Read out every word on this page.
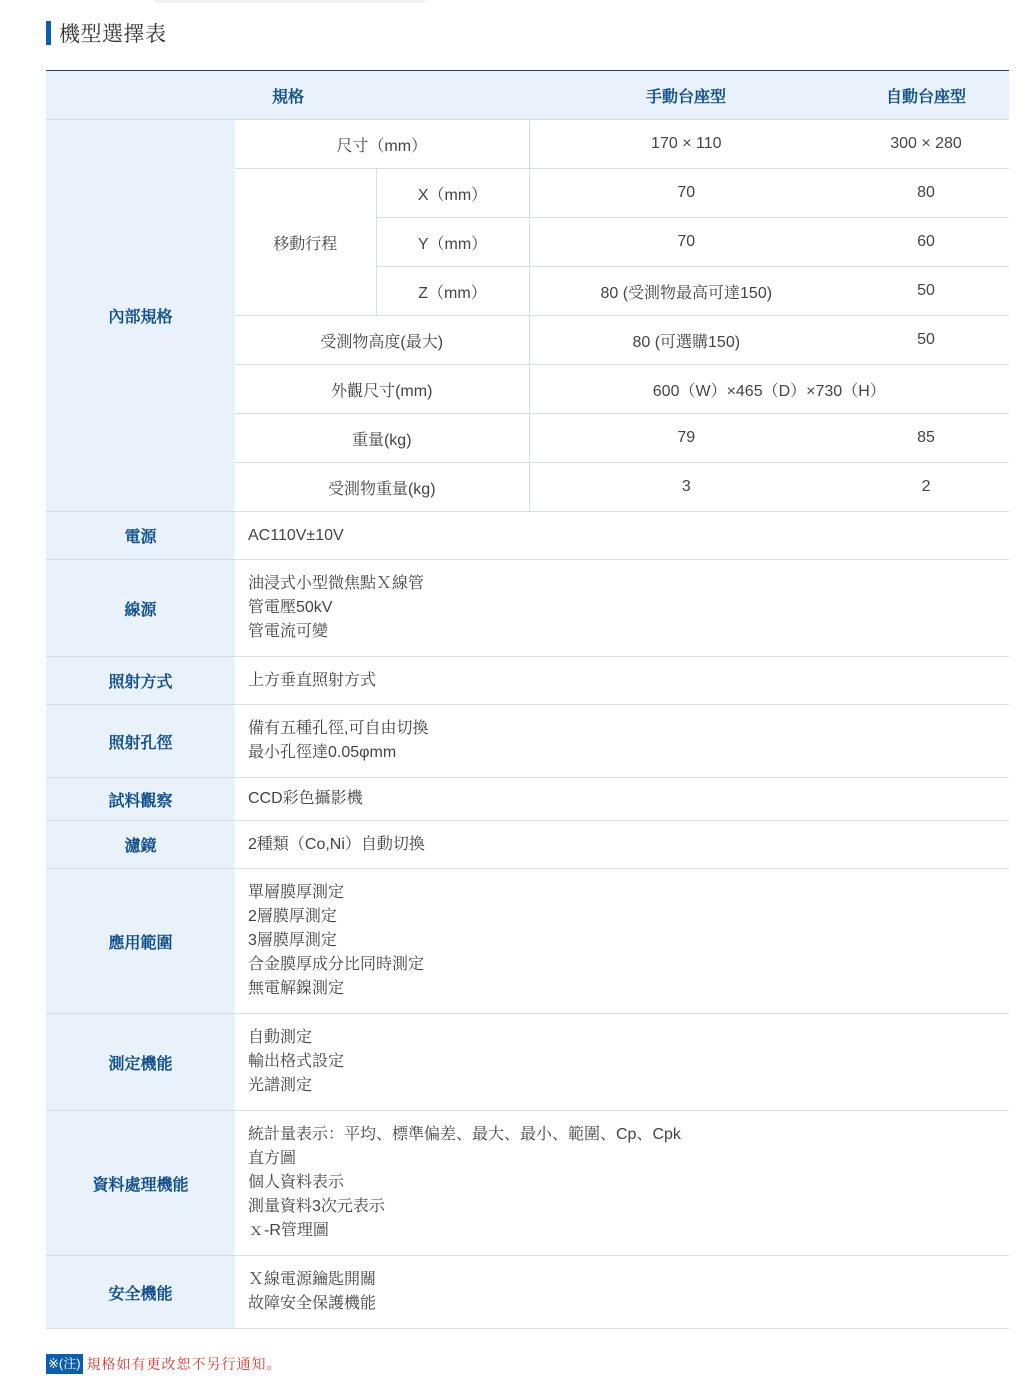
機型選擇表
規格			手動台座型	自動台座型
內部規格	尺寸（mm）		170 × 110	300 × 280
	移動行程	X（mm）	70	80
		Y（mm）	70	60
		Z（mm）	80 (受測物最高可達150)	50
	受測物高度(最大)		80 (可選購150)	50
	外觀尺寸(mm)		600（W）×465（D）×730（H）	
	重量(kg)		79	85
	受測物重量(kg)		3	2
電源	AC110V±10V			
線源	油浸式小型微焦點Ｘ線管
管電壓50kV
管電流可變			

照射方式	上方垂直照射方式			
照射孔徑	備有五種孔徑,可自由切換
最小孔徑達0.05φmm			

試料觀察	CCD彩色攝影機			
濾鏡	2種類（Co,Ni）自動切換			
應用範圍	單層膜厚測定
2層膜厚測定
3層膜厚測定
合金膜厚成分比同時測定
無電解鎳測定			

測定機能	自動測定
輸出格式設定
光譜測定			

資料處理機能	統計量表示：平均、標準偏差、最大、最小、範圍、Cp、Cpk
直方圖
個人資料表示
測量資料3次元表示
ｘ-R管理圖			

安全機能	Ｘ線電源鑰匙開關
故障安全保護機能			
※(注) 規格如有更改恕不另行通知。
